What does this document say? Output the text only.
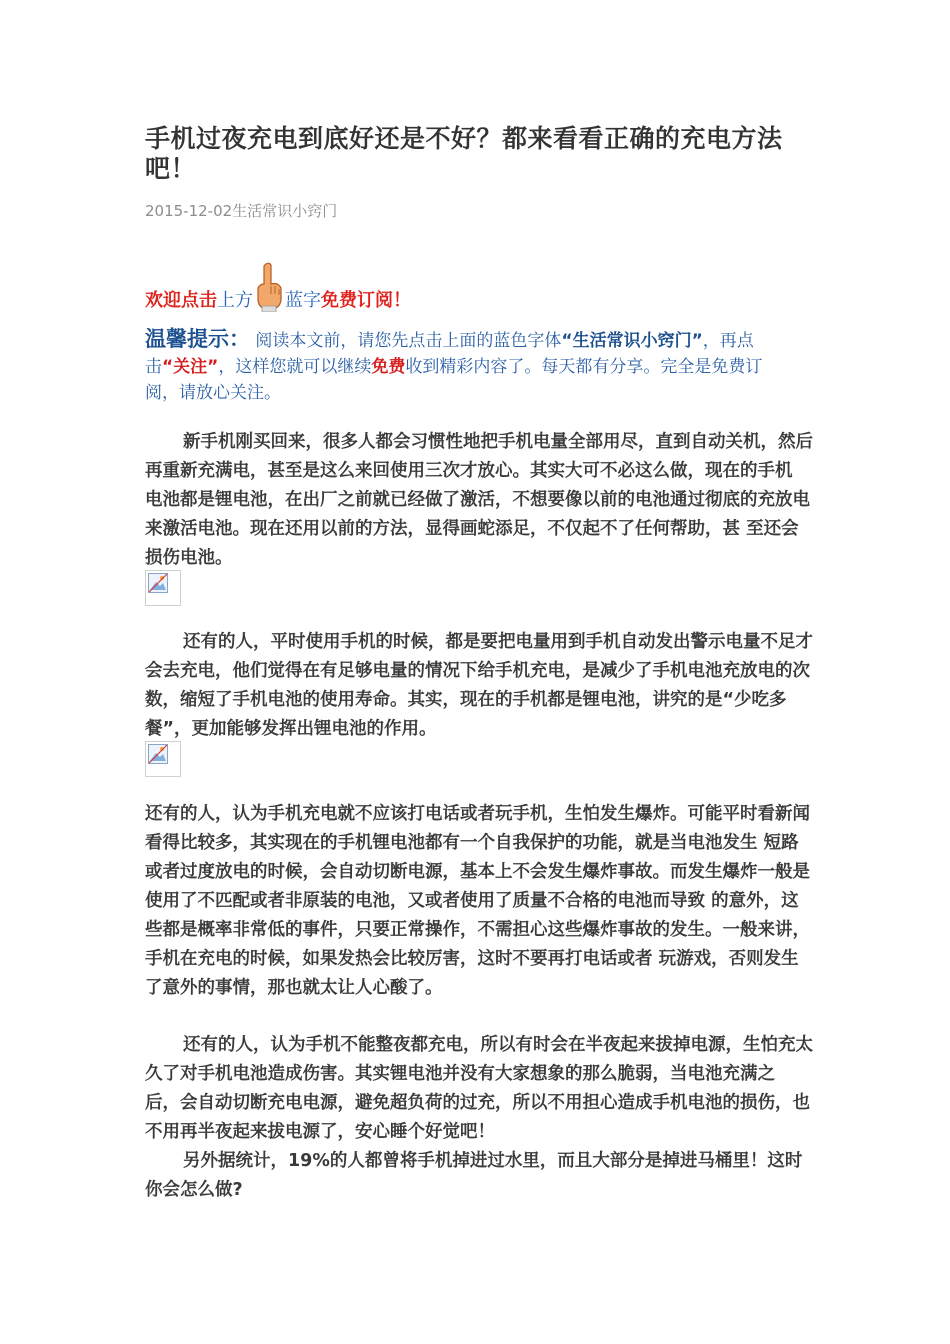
手机过夜充电到底好还是不好？都来看看正确的充电方法吧！
2015-12-02生活常识小窍门
欢迎点击上方 蓝字免费订阅！
温馨提示： 阅读本文前，请您先点击上面的蓝色字体“生活常识小窍门”，再点击“关注”，这样您就可以继续免费收到精彩内容了。每天都有分享。完全是免费订阅，请放心关注。

新手机刚买回来，很多人都会习惯性地把手机电量全部用尽，直到自动关机，然后再重新充满电，甚至是这么来回使用三次才放心。其实大可不必这么做，现在的手机 电池都是锂电池，在出厂之前就已经做了激活，不想要像以前的电池通过彻底的充放电来激活电池。现在还用以前的方法，显得画蛇添足，不仅起不了任何帮助，甚 至还会损伤电池。

还有的人，平时使用手机的时候，都是要把电量用到手机自动发出警示电量不足才会去充电，他们觉得在有足够电量的情况下给手机充电，是减少了手机电池充放电的次数，缩短了手机电池的使用寿命。其实，现在的手机都是锂电池，讲究的是“少吃多餐”，更加能够发挥出锂电池的作用。

还有的人，认为手机充电就不应该打电话或者玩手机，生怕发生爆炸。可能平时看新闻看得比较多，其实现在的手机锂电池都有一个自我保护的功能，就是当电池发生 短路或者过度放电的时候，会自动切断电源，基本上不会发生爆炸事故。而发生爆炸一般是使用了不匹配或者非原装的电池，又或者使用了质量不合格的电池而导致 的意外，这些都是概率非常低的事件，只要正常操作，不需担心这些爆炸事故的发生。一般来讲，手机在充电的时候，如果发热会比较厉害，这时不要再打电话或者 玩游戏，否则发生了意外的事情，那也就太让人心酸了。

还有的人，认为手机不能整夜都充电，所以有时会在半夜起来拔掉电源，生怕充太久了对手机电池造成伤害。其实锂电池并没有大家想象的那么脆弱，当电池充满之 后，会自动切断充电电源，避免超负荷的过充，所以不用担心造成手机电池的损伤，也不用再半夜起来拔电源了，安心睡个好觉吧！

另外据统计，19%的人都曾将手机掉进过水里，而且大部分是掉进马桶里！这时你会怎么做?
